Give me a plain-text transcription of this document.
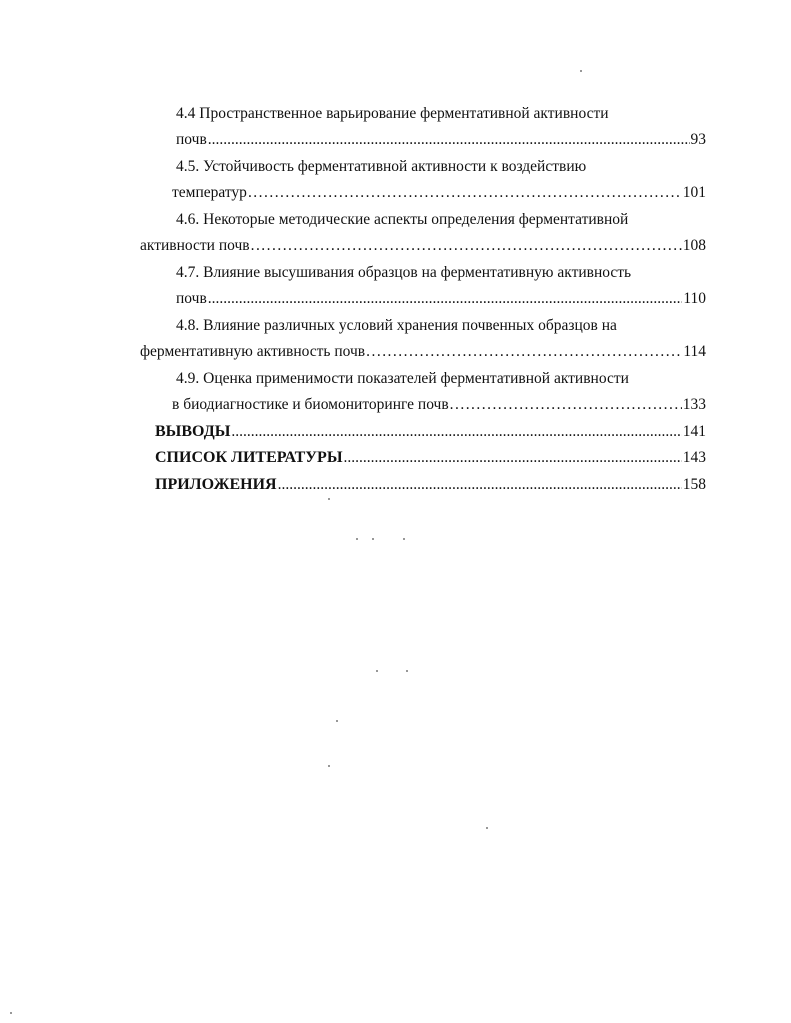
4.4 Пространственное варьирование ферментативной активности
почв .....	93
4.5. Устойчивость ферментативной активности к воздействию
температур . . .	101
4.6. Некоторые методические аспекты определения ферментативной
активности почв . . .	108
4.7. Влияние высушивания образцов на ферментативную активность
почв .....	110
4.8. Влияние различных условий хранения почвенных образцов на
ферментативную активность почв . . .	114
4.9. Оценка применимости показателей ферментативной активности
в биодиагностике и биомониторинге почв . . .	133
ВЫВОДЫ .....	141
СПИСОК ЛИТЕРАТУРЫ .....	143
ПРИЛОЖЕНИЯ .....	158
